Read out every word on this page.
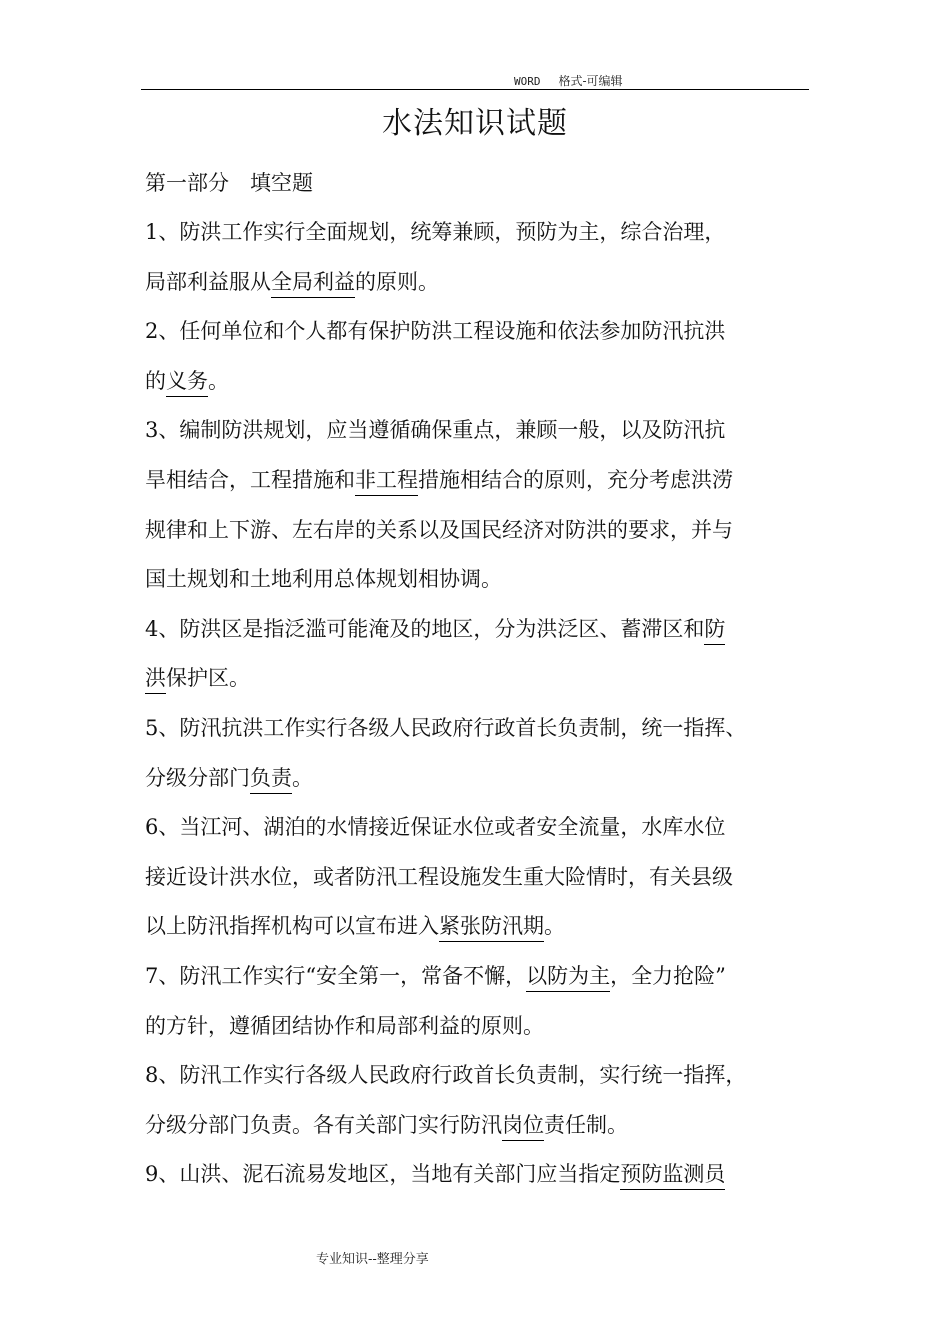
WORD 格式-可编辑
水法知识试题
第一部分　填空题
1、防洪工作实行全面规划，统筹兼顾，预防为主，综合治理，
局部利益服从全局利益的原则。
2、任何单位和个人都有保护防洪工程设施和依法参加防汛抗洪
的义务。
3、编制防洪规划，应当遵循确保重点，兼顾一般，以及防汛抗
旱相结合，工程措施和非工程措施相结合的原则，充分考虑洪涝
规律和上下游、左右岸的关系以及国民经济对防洪的要求，并与
国土规划和土地利用总体规划相协调。
4、防洪区是指泛滥可能淹及的地区，分为洪泛区、蓄滞区和防
洪保护区。
5、防汛抗洪工作实行各级人民政府行政首长负责制，统一指挥、
分级分部门负责。
6、当江河、湖泊的水情接近保证水位或者安全流量，水库水位
接近设计洪水位，或者防汛工程设施发生重大险情时，有关县级
以上防汛指挥机构可以宣布进入紧张防汛期。
7、防汛工作实行“安全第一，常备不懈，以防为主，全力抢险”
的方针，遵循团结协作和局部利益的原则。
8、防汛工作实行各级人民政府行政首长负责制，实行统一指挥，
分级分部门负责。各有关部门实行防汛岗位责任制。
9、山洪、泥石流易发地区，当地有关部门应当指定预防监测员
专业知识--整理分享
